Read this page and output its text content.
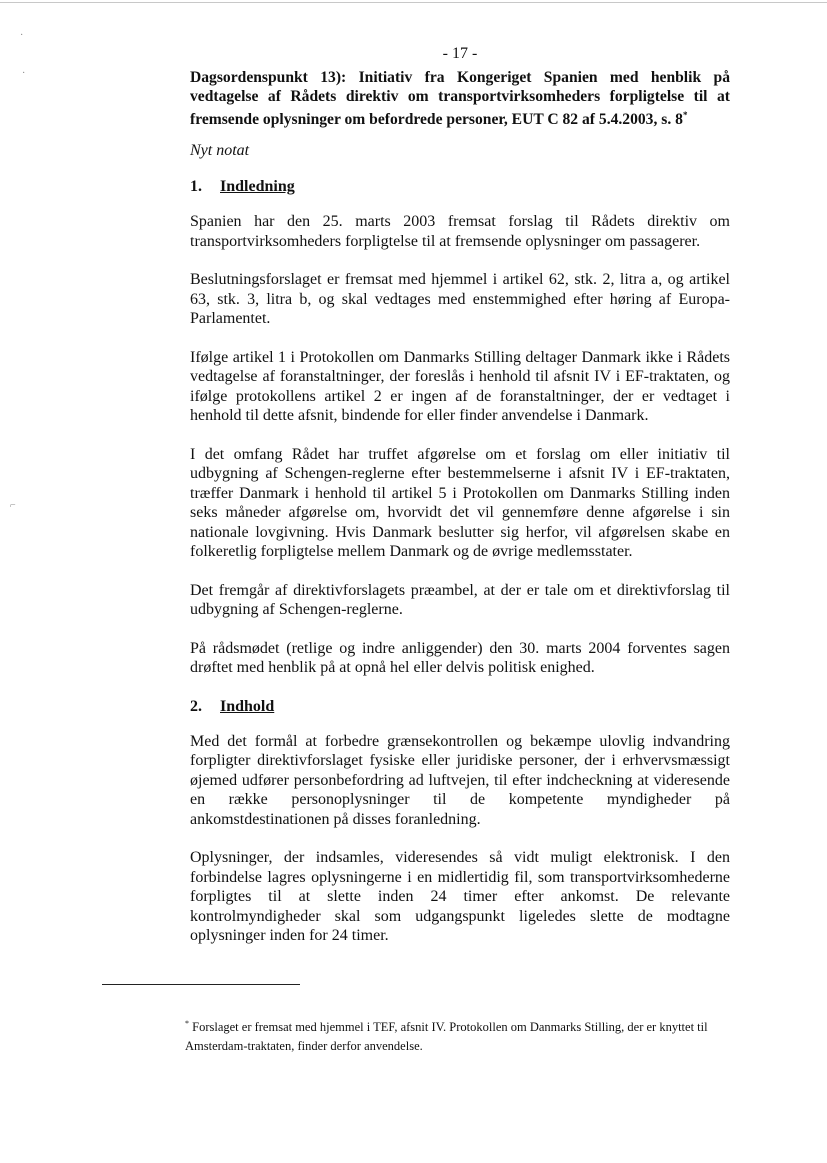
·
·
⌐
- 17 -
Dagsordenspunkt 13): Initiativ fra Kongeriget Spanien med henblik på vedtagelse af Rådets direktiv om transportvirksomheders forpligtelse til at fremsende oplysninger om befordrede personer, EUT C 82 af 5.4.2003, s. 8*
Nyt notat
1. Indledning

Spanien har den 25. marts 2003 fremsat forslag til Rådets direktiv om transportvirksomheders forpligtelse til at fremsende oplysninger om passagerer.

Beslutningsforslaget er fremsat med hjemmel i artikel 62, stk. 2, litra a, og artikel 63, stk. 3, litra b, og skal vedtages med enstemmighed efter høring af Europa-Parlamentet.

Ifølge artikel 1 i Protokollen om Danmarks Stilling deltager Danmark ikke i Rådets vedtagelse af foranstaltninger, der foreslås i henhold til afsnit IV i EF-traktaten, og ifølge protokollens artikel 2 er ingen af de foranstaltninger, der er vedtaget i henhold til dette afsnit, bindende for eller finder anvendelse i Danmark.

I det omfang Rådet har truffet afgørelse om et forslag om eller initiativ til udbygning af Schengen-reglerne efter bestemmelserne i afsnit IV i EF-traktaten, træffer Danmark i henhold til artikel 5 i Protokollen om Danmarks Stilling inden seks måneder afgørelse om, hvorvidt det vil gennemføre denne afgørelse i sin nationale lovgivning. Hvis Danmark beslutter sig herfor, vil afgørelsen skabe en folkeretlig forpligtelse mellem Danmark og de øvrige medlemsstater.

Det fremgår af direktivforslagets præambel, at der er tale om et direktivforslag til udbygning af Schengen-reglerne.

På rådsmødet (retlige og indre anliggender) den 30. marts 2004 forventes sagen drøftet med henblik på at opnå hel eller delvis politisk enighed.

2. Indhold

Med det formål at forbedre grænsekontrollen og bekæmpe ulovlig indvandring forpligter direktivforslaget fysiske eller juridiske personer, der i erhvervsmæssigt øjemed udfører personbefordring ad luftvejen, til efter indcheckning at videresende en række personoplysninger til de kompetente myndigheder på ankomstdestinationen på disses foranledning.

Oplysninger, der indsamles, videresendes så vidt muligt elektronisk. I den forbindelse lagres oplysningerne i en midlertidig fil, som transportvirksomhederne forpligtes til at slette inden 24 timer efter ankomst. De relevante kontrolmyndigheder skal som udgangspunkt ligeledes slette de modtagne oplysninger inden for 24 timer.

* Forslaget er fremsat med hjemmel i TEF, afsnit IV. Protokollen om Danmarks Stilling, der er knyttet til Amsterdam-traktaten, finder derfor anvendelse.
